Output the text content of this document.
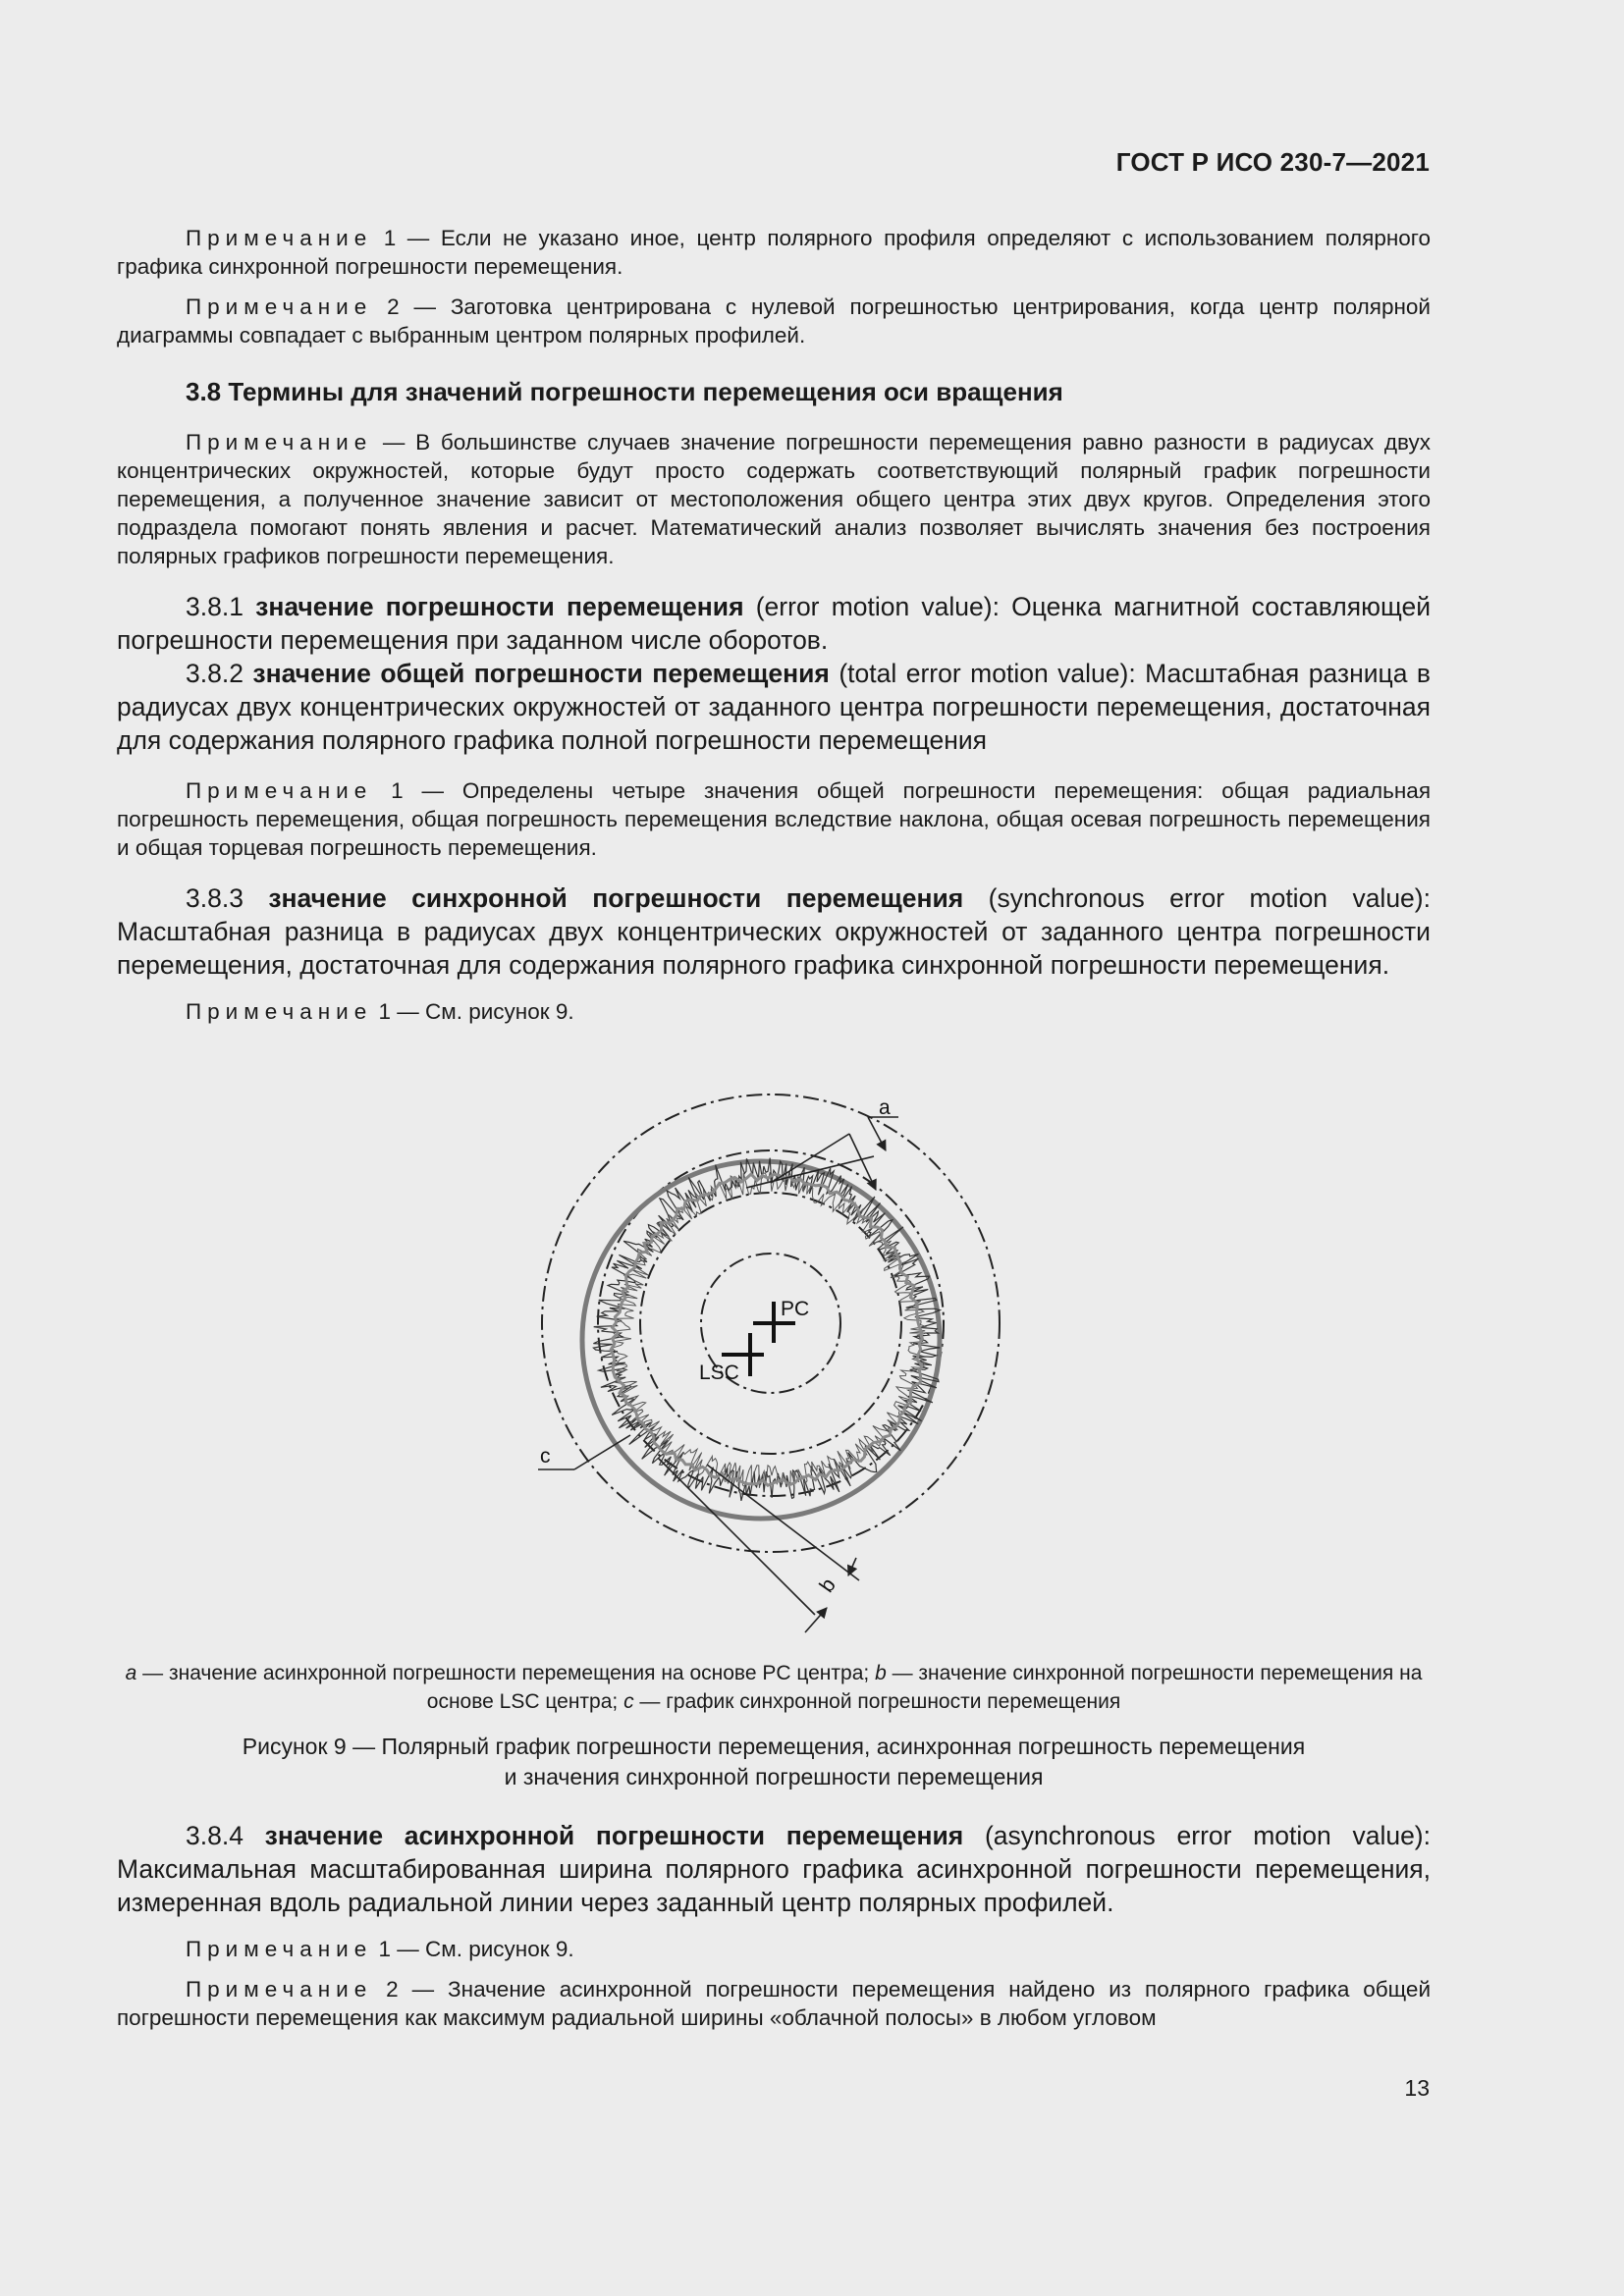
ГОСТ Р ИСО 230-7—2021

Примечание 1 — Если не указано иное, центр полярного профиля определяют с использованием полярного графика синхронной погрешности перемещения.

Примечание 2 — Заготовка центрирована с нулевой погрешностью центрирования, когда центр полярной диаграммы совпадает с выбранным центром полярных профилей.

3.8 Термины для значений погрешности перемещения оси вращения

Примечание — В большинстве случаев значение погрешности перемещения равно разности в радиусах двух концентрических окружностей, которые будут просто содержать соответствующий полярный график погрешности перемещения, а полученное значение зависит от местоположения общего центра этих двух кругов. Определения этого подраздела помогают понять явления и расчет. Математический анализ позволяет вычислять значения без построения полярных графиков погрешности перемещения.

3.8.1 значение погрешности перемещения (error motion value): Оценка магнитной составляющей погрешности перемещения при заданном числе оборотов.

3.8.2 значение общей погрешности перемещения (total error motion value): Масштабная разница в радиусах двух концентрических окружностей от заданного центра погрешности перемещения, достаточная для содержания полярного графика полной погрешности перемещения

Примечание 1 — Определены четыре значения общей погрешности перемещения: общая радиальная погрешность перемещения, общая погрешность перемещения вследствие наклона, общая осевая погрешность перемещения и общая торцевая погрешность перемещения.

3.8.3 значение синхронной погрешности перемещения (synchronous error motion value): Масштабная разница в радиусах двух концентрических окружностей от заданного центра погрешности перемещения, достаточная для содержания полярного графика синхронной погрешности перемещения.

Примечание 1 — См. рисунок 9.

PC
LSC
a
b
c
a — значение асинхронной погрешности перемещения на основе PC центра; b — значение синхронной погрешности перемещения на основе LSC центра; c — график синхронной погрешности перемещения
Рисунок 9 — Полярный график погрешности перемещения, асинхронная погрешность перемещения
и значения синхронной погрешности перемещения

3.8.4 значение асинхронной погрешности перемещения (asynchronous error motion value): Максимальная масштабированная ширина полярного графика асинхронной погрешности перемещения, измеренная вдоль радиальной линии через заданный центр полярных профилей.

Примечание 1 — См. рисунок 9.

Примечание 2 — Значение асинхронной погрешности перемещения найдено из полярного графика общей погрешности перемещения как максимум радиальной ширины «облачной полосы» в любом угловом

13
